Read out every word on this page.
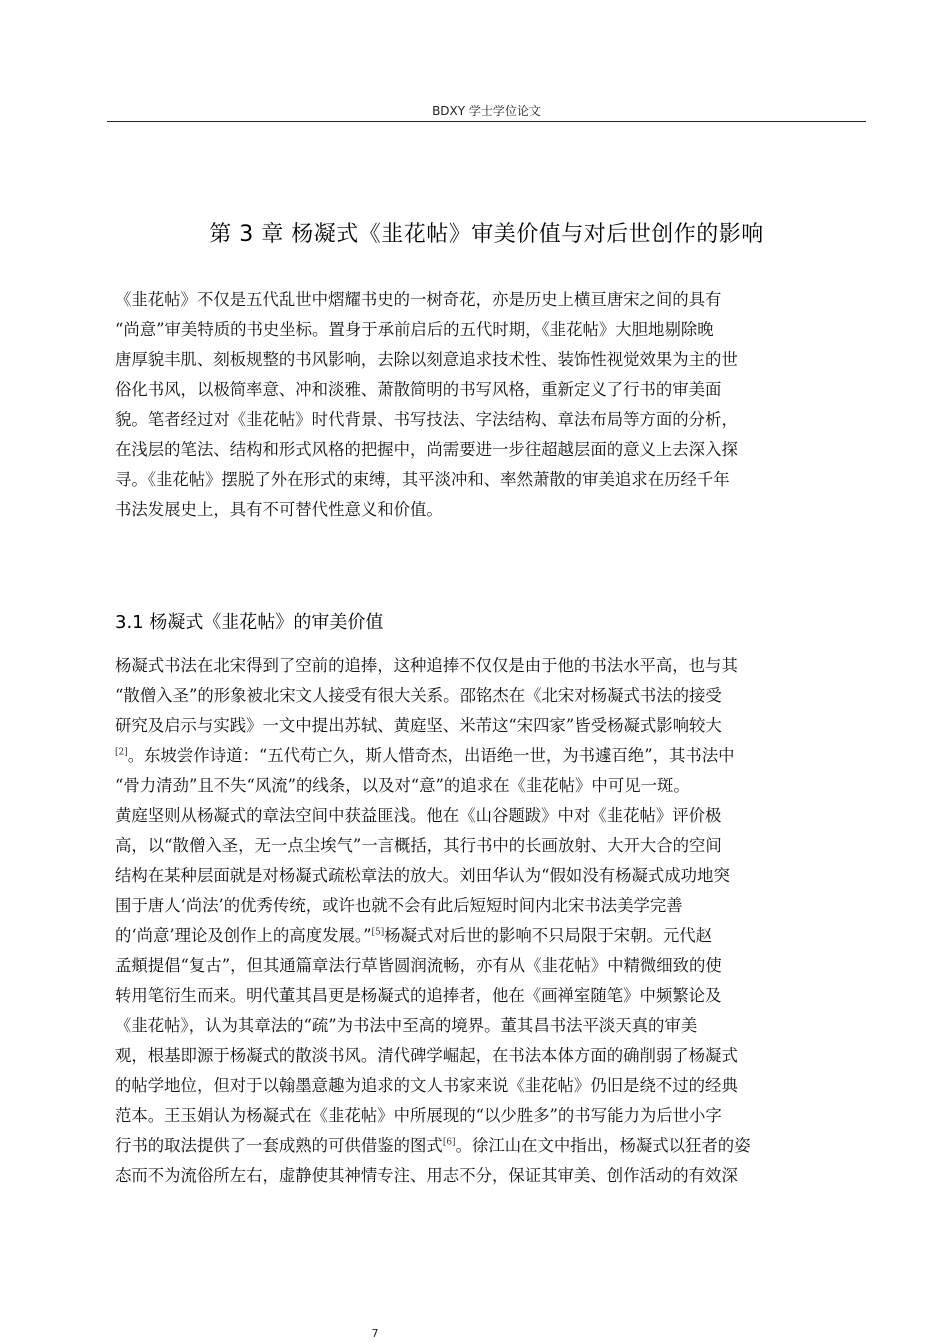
BDXY 学士学位论文
第 3 章 杨凝式《韭花帖》审美价值与对后世创作的影响
《韭花帖》不仅是五代乱世中熠耀书史的一树奇花，亦是历史上横亘唐宋之间的具有
“尚意”审美特质的书史坐标。置身于承前启后的五代时期，《韭花帖》大胆地剔除晚
唐厚貌丰肌、刻板规整的书风影响，去除以刻意追求技术性、装饰性视觉效果为主的世
俗化书风，以极简率意、冲和淡雅、萧散简明的书写风格，重新定义了行书的审美面
貌。笔者经过对《韭花帖》时代背景、书写技法、字法结构、章法布局等方面的分析，
在浅层的笔法、结构和形式风格的把握中，尚需要进一步往超越层面的意义上去深入探
寻。《韭花帖》摆脱了外在形式的束缚，其平淡冲和、率然萧散的审美追求在历经千年
书法发展史上，具有不可替代性意义和价值。
3.1 杨凝式《韭花帖》的审美价值
杨凝式书法在北宋得到了空前的追捧，这种追捧不仅仅是由于他的书法水平高，也与其
“散僧入圣”的形象被北宋文人接受有很大关系。邵铭杰在《北宋对杨凝式书法的接受
研究及启示与实践》一文中提出苏轼、黄庭坚、米芾这“宋四家”皆受杨凝式影响较大
[2]。东坡尝作诗道：“五代苟亡久，斯人惜奇杰，出语绝一世，为书遽百绝”，其书法中
“骨力清劲”且不失“风流”的线条，以及对“意”的追求在《韭花帖》中可见一斑。
黄庭坚则从杨凝式的章法空间中获益匪浅。他在《山谷题跋》中对《韭花帖》评价极
高，以“散僧入圣，无一点尘埃气”一言概括，其行书中的长画放射、大开大合的空间
结构在某种层面就是对杨凝式疏松章法的放大。刘田华认为“假如没有杨凝式成功地突
围于唐人‘尚法’的优秀传统，或许也就不会有此后短短时间内北宋书法美学完善
的‘尚意’理论及创作上的高度发展。”[5]杨凝式对后世的影响不只局限于宋朝。元代赵
孟頫提倡“复古”，但其通篇章法行草皆圆润流畅，亦有从《韭花帖》中精微细致的使
转用笔衍生而来。明代董其昌更是杨凝式的追捧者，他在《画禅室随笔》中频繁论及
《韭花帖》，认为其章法的“疏”为书法中至高的境界。董其昌书法平淡天真的审美
观，根基即源于杨凝式的散淡书风。清代碑学崛起，在书法本体方面的确削弱了杨凝式
的帖学地位，但对于以翰墨意趣为追求的文人书家来说《韭花帖》仍旧是绕不过的经典
范本。王玉娟认为杨凝式在《韭花帖》中所展现的“以少胜多”的书写能力为后世小字
行书的取法提供了一套成熟的可供借鉴的图式[6]。徐江山在文中指出，杨凝式以狂者的姿
态而不为流俗所左右，虚静使其神情专注、用志不分，保证其审美、创作活动的有效深
7
